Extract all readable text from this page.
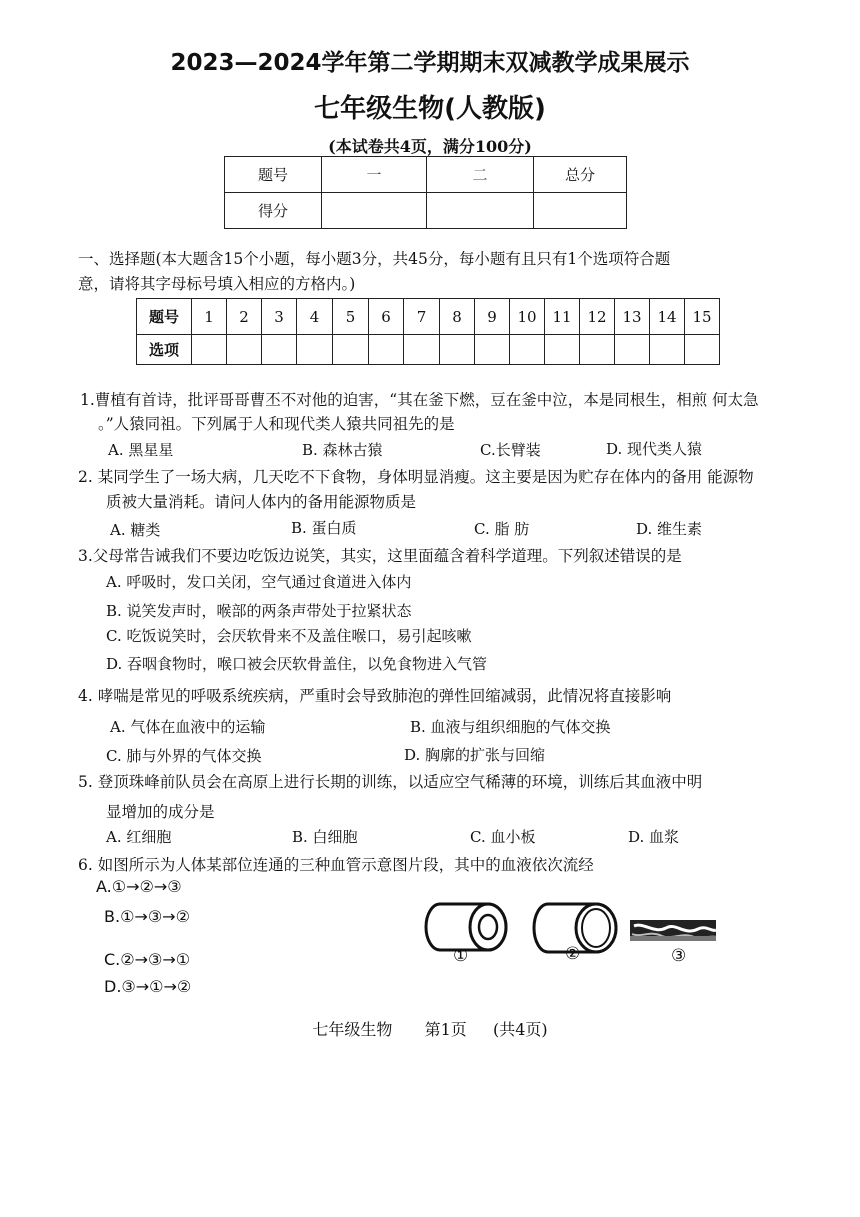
2023—2024学年第二学期期末双减教学成果展示
七年级生物(人教版)
(本试卷共4页，满分100分)
题号	一	二	总分
得分			
一、选择题(本大题含15个小题，每小题3分，共45分，每小题有且只有1个选项符合题
意，请将其字母标号填入相应的方格内。)
题号	1	2	3	4	5	6	7	8	9	10	11	12	13	14	15
选项															
1.曹植有首诗，批评哥哥曹丕不对他的迫害，“其在釜下燃，豆在釜中泣，本是同根生，相煎 何太急
。”人猿同祖。下列属于人和现代类人猿共同祖先的是
A. 黑星星	B. 森林古猿	C.长臂装	D. 现代类人猿
2. 某同学生了一场大病，几天吃不下食物，身体明显消瘦。这主要是因为贮存在体内的备用 能源物
质被大量消耗。请问人体内的备用能源物质是
A. 糖类	B. 蛋白质	C. 脂 肪	D. 维生素
3.父母常告诫我们不要边吃饭边说笑，其实，这里面蕴含着科学道理。下列叙述错误的是
A. 呼吸时，发口关闭，空气通过食道进入体内
B. 说笑发声时，喉部的两条声带处于拉紧状态
C. 吃饭说笑时，会厌软骨来不及盖住喉口，易引起咳嗽
D. 吞咽食物时，喉口被会厌软骨盖住，以免食物进入气管
4. 哮喘是常见的呼吸系统疾病，严重时会导致肺泡的弹性回缩减弱，此情况将直接影响
A. 气体在血液中的运输	B. 血液与组织细胞的气体交换
C. 肺与外界的气体交换	D. 胸廓的扩张与回缩
5. 登顶珠峰前队员会在高原上进行长期的训练，以适应空气稀薄的环境，训练后其血液中明
显增加的成分是
A. 红细胞	B. 白细胞	C. 血小板	D. 血浆
6. 如图所示为人体某部位连通的三种血管示意图片段，其中的血液依次流经
A.①→②→③
B.①→③→②
C.②→③→①
D.③→①→②
①	②	③
七年级生物 第1页 (共4页)
